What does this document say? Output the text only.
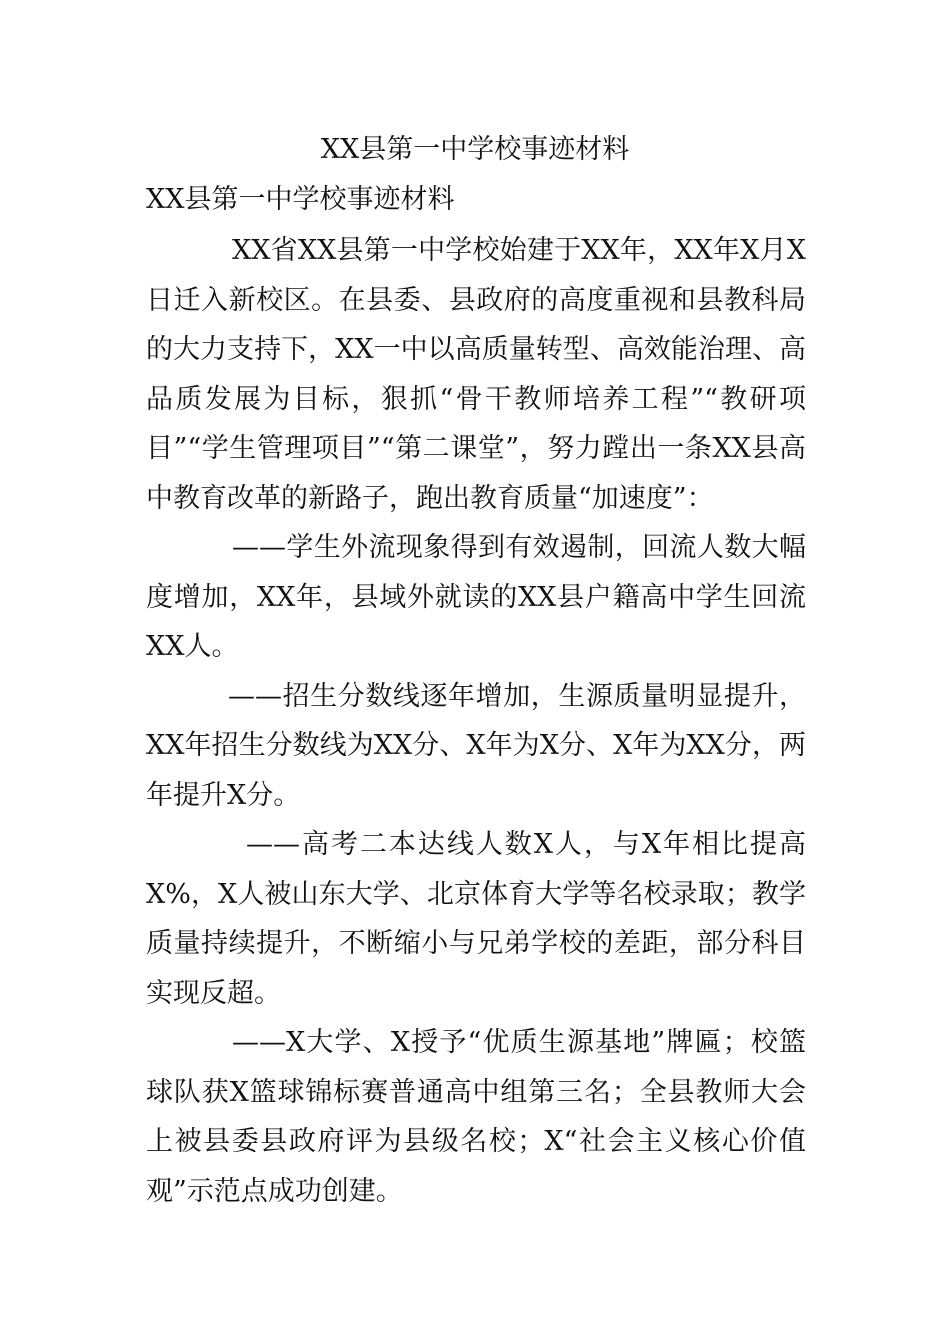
XX县第一中学校事迹材料
XX县第一中学校事迹材料

XX省XX县第一中学校始建于XX年，XX年X月X日迁入新校区。在县委、县政府的高度重视和县教科局的大力支持下，XX一中以高质量转型、高效能治理、高品质发展为目标，狠抓“骨干教师培养工程”“教研项目”“学生管理项目”“第二课堂”，努力蹚出一条XX县高中教育改革的新路子，跑出教育质量“加速度”：

——学生外流现象得到有效遏制，回流人数大幅度增加，XX年，县域外就读的XX县户籍高中学生回流XX人。

——招生分数线逐年增加，生源质量明显提升，XX年招生分数线为XX分、X年为X分、X年为XX分，两年提升X分。

——高考二本达线人数X人，与X年相比提高X%，X人被山东大学、北京体育大学等名校录取；教学质量持续提升，不断缩小与兄弟学校的差距，部分科目实现反超。

——X大学、X授予“优质生源基地”牌匾；校篮球队获X篮球锦标赛普通高中组第三名；全县教师大会上被县委县政府评为县级名校；X“社会主义核心价值观”示范点成功创建。
